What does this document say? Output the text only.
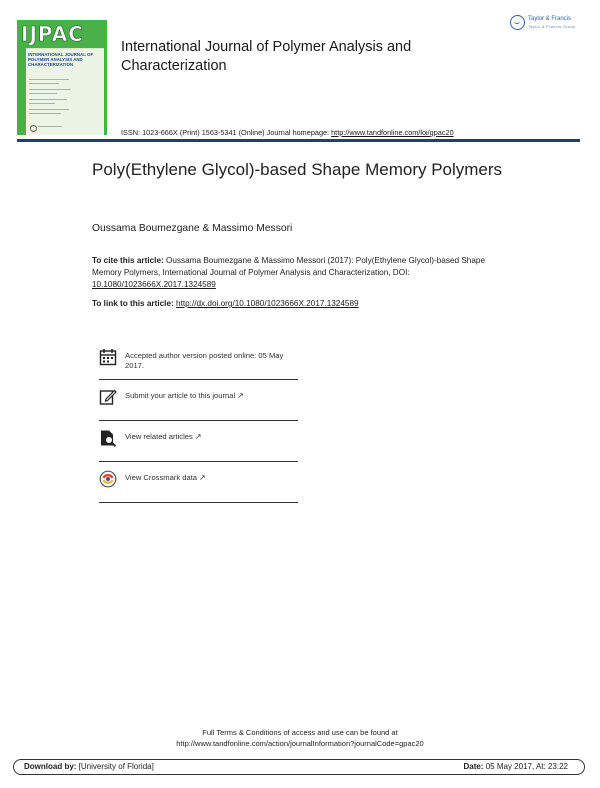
IJPAC
INTERNATIONAL JOURNAL OF POLYMER ANALYSIS AND CHARACTERIZATION
International Journal of Polymer Analysis and Characterization
Taylor & Francis
Taylor & Francis Group
ISSN: 1023-666X (Print) 1563-5341 (Online) Journal homepage: http://www.tandfonline.com/loi/gpac20
Poly(Ethylene Glycol)-based Shape Memory Polymers
Oussama Boumezgane & Massimo Messori
To cite this article: Oussama Boumezgane & Massimo Messori (2017): Poly(Ethylene Glycol)-based Shape Memory Polymers, International Journal of Polymer Analysis and Characterization, DOI: 10.1080/1023666X.2017.1324589
To link to this article: http://dx.doi.org/10.1080/1023666X.2017.1324589
Accepted author version posted online: 05 May 2017.
Submit your article to this journal ↗
View related articles ↗
View Crossmark data ↗
Full Terms & Conditions of access and use can be found at
http://www.tandfonline.com/action/journalInformation?journalCode=gpac20
Download by: [University of Florida]	Date: 05 May 2017, At: 23:22
